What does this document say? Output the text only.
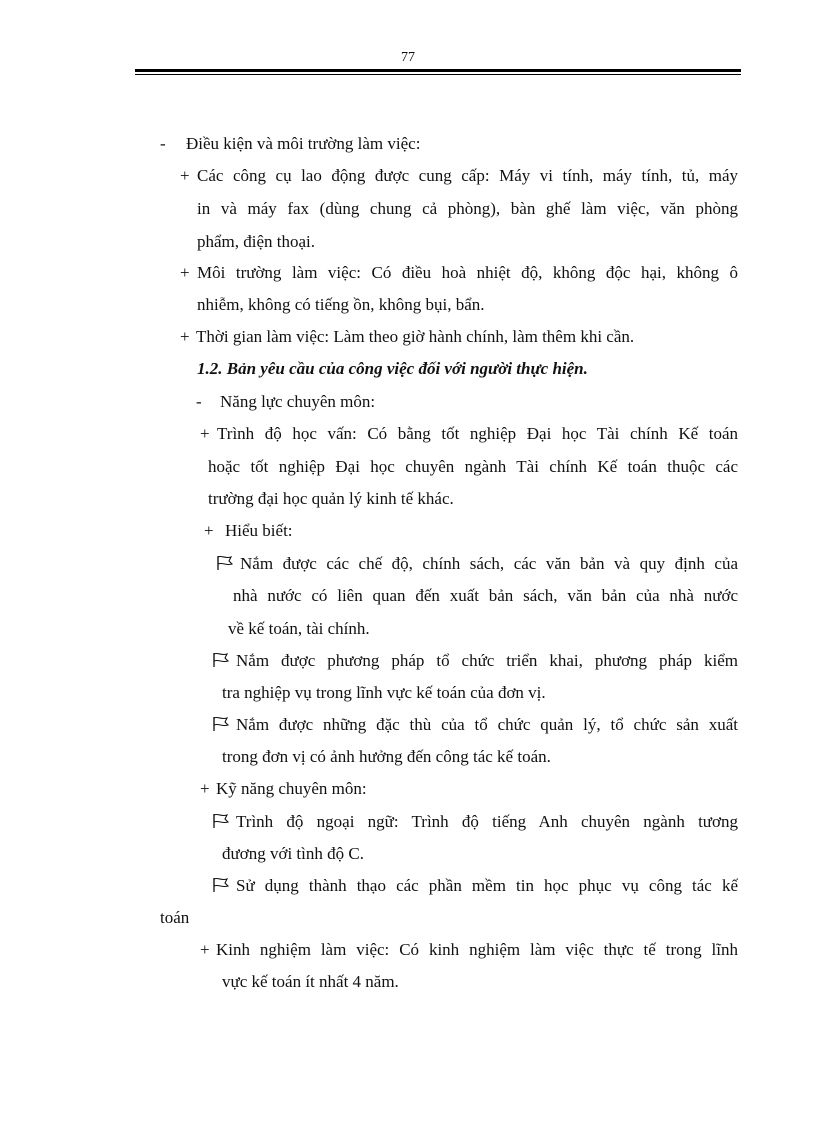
77
- Điều kiện và môi trường làm việc:
+ Các công cụ lao động được cung cấp: Máy vi tính, máy tính, tủ, máy
in và máy fax (dùng chung cả phòng), bàn ghế làm việc, văn phòng
phẩm, điện thoại.
+ Môi trường làm việc: Có điều hoà nhiệt độ, không độc hại, không ô
nhiễm, không có tiếng ồn, không bụi, bẩn.
+ Thời gian làm việc: Làm theo giờ hành chính, làm thêm khi cần.
1.2. Bản yêu cầu của công việc đối với người thực hiện.
- Năng lực chuyên môn:
+ Trình độ học vấn: Có bằng tốt nghiệp Đại học Tài chính Kế toán
hoặc tốt nghiệp Đại học chuyên ngành Tài chính Kế toán thuộc các
trường đại học quản lý kinh tế khác.
+ Hiểu biết:
Nắm được các chế độ, chính sách, các văn bản và quy định của
nhà nước có liên quan đến xuất bản sách, văn bản của nhà nước
về kế toán, tài chính.
Nắm được phương pháp tổ chức triển khai, phương pháp kiểm
tra nghiệp vụ trong lĩnh vực kế toán của đơn vị.
Nắm được những đặc thù của tổ chức quản lý, tổ chức sản xuất
trong đơn vị có ảnh hưởng đến công tác kế toán.
+ Kỹ năng chuyên môn:
Trình độ ngoại ngữ: Trình độ tiếng Anh chuyên ngành tương
đương với tình độ C.
Sử dụng thành thạo các phần mềm tin học phục vụ công tác kế
toán
+ Kinh nghiệm làm việc: Có kinh nghiệm làm việc thực tế trong lĩnh
vực kế toán ít nhất 4 năm.
